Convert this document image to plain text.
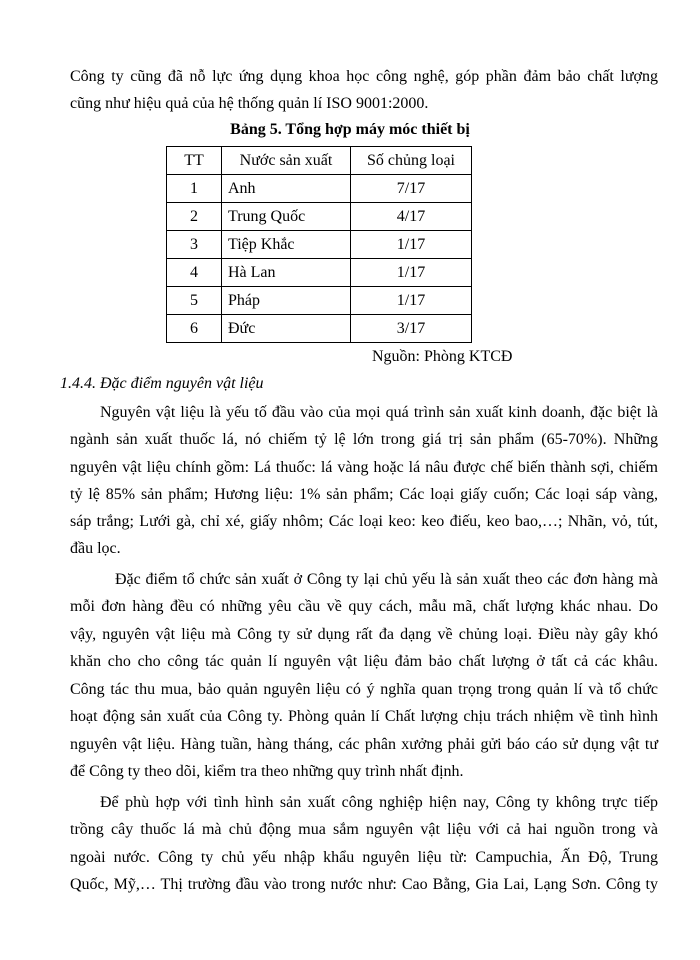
Công ty cũng đã nỗ lực ứng dụng khoa học công nghệ, góp phần đảm bảo chất lượng
cũng như hiệu quả của hệ thống quản lí ISO 9001:2000.
Bảng 5. Tổng hợp máy móc thiết bị
TT	Nước sản xuất	Số chủng loại
1	Anh	7/17
2	Trung Quốc	4/17
3	Tiệp Khắc	1/17
4	Hà Lan	1/17
5	Pháp	1/17
6	Đức	3/17
Nguồn: Phòng KTCĐ
1.4.4. Đặc điểm nguyên vật liệu
Nguyên vật liệu là yếu tố đầu vào của mọi quá trình sản xuất kinh doanh, đặc biệt là
ngành sản xuất thuốc lá, nó chiếm tỷ lệ lớn trong giá trị sản phẩm (65-70%). Những
nguyên vật liệu chính gồm: Lá thuốc: lá vàng hoặc lá nâu được chế biến thành sợi, chiếm
tỷ lệ 85% sản phẩm; Hương liệu: 1% sản phẩm; Các loại giấy cuốn; Các loại sáp vàng,
sáp trắng; Lưới gà, chỉ xé, giấy nhôm; Các loại keo: keo điếu, keo bao,…; Nhãn, vỏ, tút,
đầu lọc.
Đặc điểm tổ chức sản xuất ở Công ty lại chủ yếu là sản xuất theo các đơn hàng mà
mỗi đơn hàng đều có những yêu cầu về quy cách, mẫu mã, chất lượng khác nhau. Do
vậy, nguyên vật liệu mà Công ty sử dụng rất đa dạng về chủng loại. Điều này gây khó
khăn cho cho công tác quản lí nguyên vật liệu đảm bảo chất lượng ở tất cả các khâu.
Công tác thu mua, bảo quản nguyên liệu có ý nghĩa quan trọng trong quản lí và tổ chức
hoạt động sản xuất của Công ty. Phòng quản lí Chất lượng chịu trách nhiệm về tình hình
nguyên vật liệu. Hàng tuần, hàng tháng, các phân xưởng phải gửi báo cáo sử dụng vật tư
để Công ty theo dõi, kiểm tra theo những quy trình nhất định.
Để phù hợp với tình hình sản xuất công nghiệp hiện nay, Công ty không trực tiếp
trồng cây thuốc lá mà chủ động mua sắm nguyên vật liệu với cả hai nguồn trong và
ngoài nước. Công ty chủ yếu nhập khẩu nguyên liệu từ: Campuchia, Ấn Độ, Trung
Quốc, Mỹ,… Thị trường đầu vào trong nước như: Cao Bằng, Gia Lai, Lạng Sơn. Công ty
